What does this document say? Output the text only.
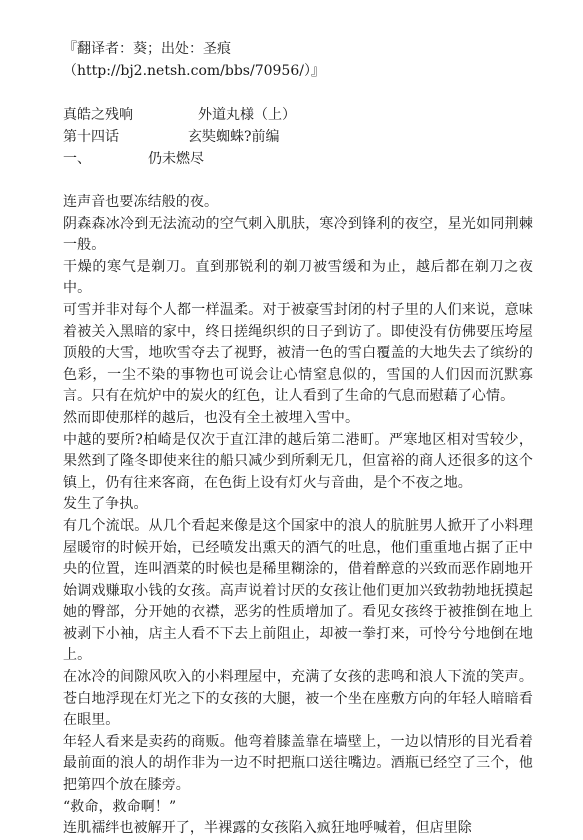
『翻译者：葵；出处：圣痕
（http://bj2.netsh.com/bbs/70956/）』
真皓之残响	外道丸様（上）
第十四话	玄奘蜘蛛?前编
一、	仍未燃尽

连声音也要冻结般的夜。

阴森森冰冷到无法流动的空气刺入肌肤，寒冷到锋利的夜空，星光如同荆棘一般。

干燥的寒气是剃刀。直到那锐利的剃刀被雪缓和为止，越后都在剃刀之夜中。

可雪并非对每个人都一样温柔。对于被豪雪封闭的村子里的人们来说，意味着被关入黑暗的家中，终日搓绳织织的日子到访了。即使没有仿佛要压垮屋顶般的大雪，地吹雪夺去了视野，被清一色的雪白覆盖的大地失去了缤纷的色彩，一尘不染的事物也可说会让心情窒息似的，雪国的人们因而沉默寡言。只有在炕炉中的炭火的红色，让人看到了生命的气息而慰藉了心情。

然而即使那样的越后，也没有全土被埋入雪中。

中越的要所?柏崎是仅次于直江津的越后第二港町。严寒地区相对雪较少，果然到了隆冬即使来往的船只减少到所剩无几，但富裕的商人还很多的这个镇上，仍有往来客商，在色街上设有灯火与音曲，是个不夜之地。

发生了争执。

有几个流氓。从几个看起来像是这个国家中的浪人的肮脏男人掀开了小料理屋暖帘的时候开始，已经喷发出熏天的酒气的吐息，他们重重地占据了正中央的位置，连叫酒菜的时候也是稀里糊涂的，借着醉意的兴致而恶作剧地开始调戏赚取小钱的女孩。高声说着讨厌的女孩让他们更加兴致勃勃地抚摸起她的臀部，分开她的衣襟，恶劣的性质增加了。看见女孩终于被推倒在地上被剥下小袖，店主人看不下去上前阻止，却被一拳打来，可怜兮兮地倒在地上。

在冰冷的间隙风吹入的小料理屋中，充满了女孩的悲鸣和浪人下流的笑声。苍白地浮现在灯光之下的女孩的大腿，被一个坐在座敷方向的年轻人暗暗看在眼里。

年轻人看来是卖药的商贩。他弯着膝盖靠在墙壁上，一边以情形的目光看着最前面的浪人的胡作非为一边不时把瓶口送往嘴边。酒瓶已经空了三个，他把第四个放在膝旁。

“救命，救命啊！”

连肌襦绊也被解开了，半裸露的女孩陷入疯狂地呼喊着，但店里除
